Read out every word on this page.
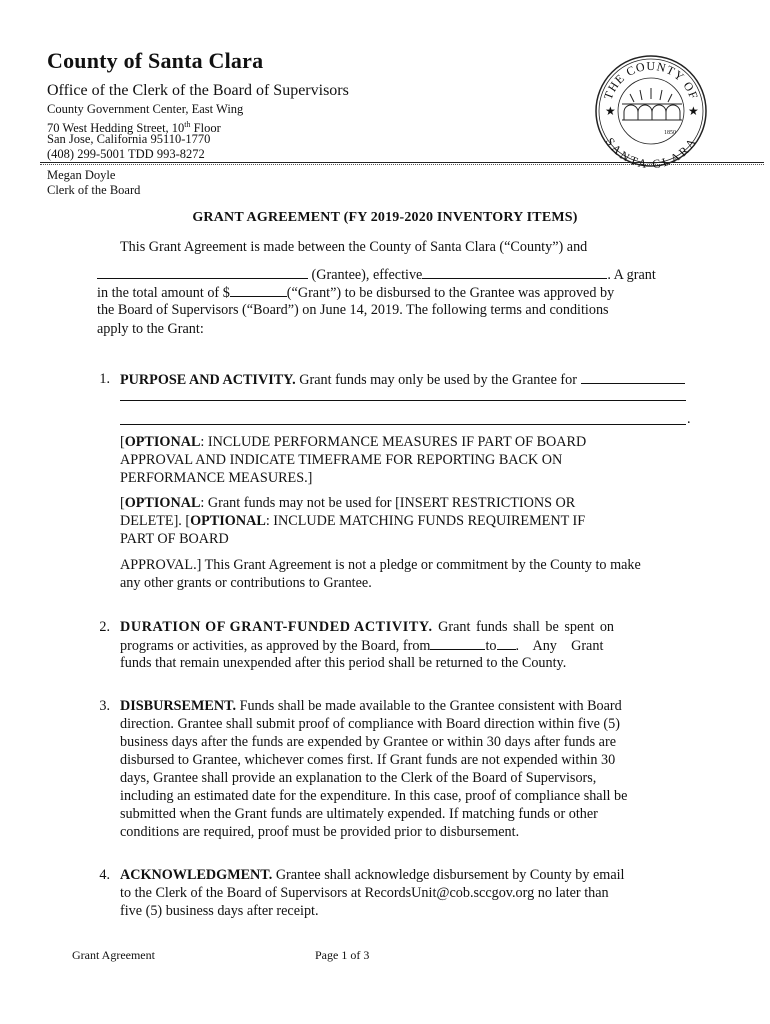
County of Santa Clara
Office of the Clerk of the Board of Supervisors
County Government Center, East Wing
70 West Hedding Street, 10th Floor
San Jose, California 95110-1770
(408) 299-5001 TDD 993-8272
Megan Doyle
Clerk of the Board
THE COUNTY OF
SANTA CLARA
★	★
1850
GRANT AGREEMENT (FY 2019-2020 INVENTORY ITEMS)
This Grant Agreement is made between the County of Santa Clara (“County”) and
(Grantee), effective	. A grant
in the total amount of $	(“Grant”) to be disbursed to the Grantee was approved by
the Board of Supervisors (“Board”) on June 14, 2019. The following terms and conditions
apply to the Grant:
1. PURPOSE AND ACTIVITY. Grant funds may only be used by the Grantee for
.
[OPTIONAL: INCLUDE PERFORMANCE MEASURES IF PART OF BOARD
APPROVAL AND INDICATE TIMEFRAME FOR REPORTING BACK ON
PERFORMANCE MEASURES.]
[OPTIONAL: Grant funds may not be used for [INSERT RESTRICTIONS OR
DELETE]. [OPTIONAL: INCLUDE MATCHING FUNDS REQUIREMENT IF
PART OF BOARD
APPROVAL.] This Grant Agreement is not a pledge or commitment by the County to make
any other grants or contributions to Grantee.
2. DURATION OF GRANT-FUNDED ACTIVITY. Grant funds shall be spent on
programs or activities, as approved by the Board, from	to .    Any    Grant
funds that remain unexpended after this period shall be returned to the County.
3. DISBURSEMENT. Funds shall be made available to the Grantee consistent with Board
direction. Grantee shall submit proof of compliance with Board direction within five (5)
business days after the funds are expended by Grantee or within 30 days after funds are
disbursed to Grantee, whichever comes first. If Grant funds are not expended within 30
days, Grantee shall provide an explanation to the Clerk of the Board of Supervisors,
including an estimated date for the expenditure. In this case, proof of compliance shall be
submitted when the Grant funds are ultimately expended. If matching funds or other
conditions are required, proof must be provided prior to disbursement.
4. ACKNOWLEDGMENT. Grantee shall acknowledge disbursement by County by email
to the Clerk of the Board of Supervisors at RecordsUnit@cob.sccgov.org no later than
five (5) business days after receipt.
Grant Agreement	Page 1 of 3
